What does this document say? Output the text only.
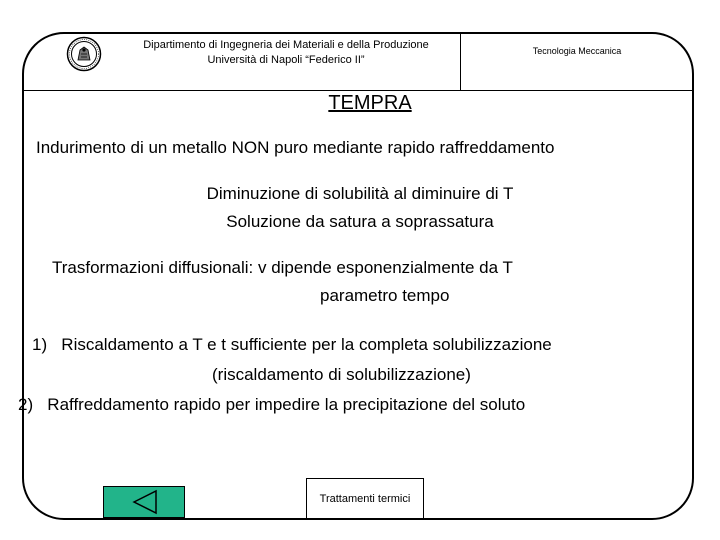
Dipartimento di Ingegneria dei Materiali e della Produzione
Università di Napoli “Federico II”
Tecnologia Meccanica
TEMPRA
Indurimento di un metallo NON puro mediante rapido raffreddamento
Diminuzione di solubilità al diminuire di T
Soluzione da satura a soprassatura
Trasformazioni diffusionali: v dipende esponenzialmente da T
parametro tempo
1) Riscaldamento a T e t sufficiente per la completa solubilizzazione
(riscaldamento di solubilizzazione)
2) Raffreddamento rapido per impedire la precipitazione del soluto
Trattamenti termici
